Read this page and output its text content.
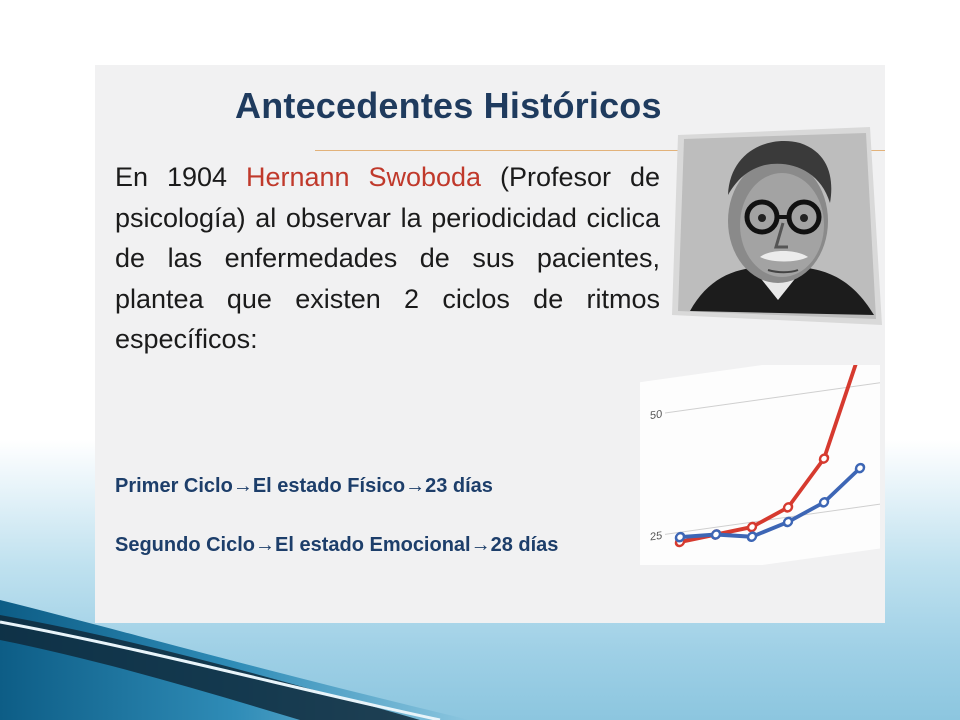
Antecedentes Históricos
En 1904 Hernann Swoboda (Profesor de psicología) al observar la periodicidad ciclica de las enfermedades de sus pacientes, plantea que existen 2 ciclos de ritmos específicos:
Primer Ciclo→El estado Físico→23 días
Segundo Ciclo→El estado Emocional→28 días	25
50
